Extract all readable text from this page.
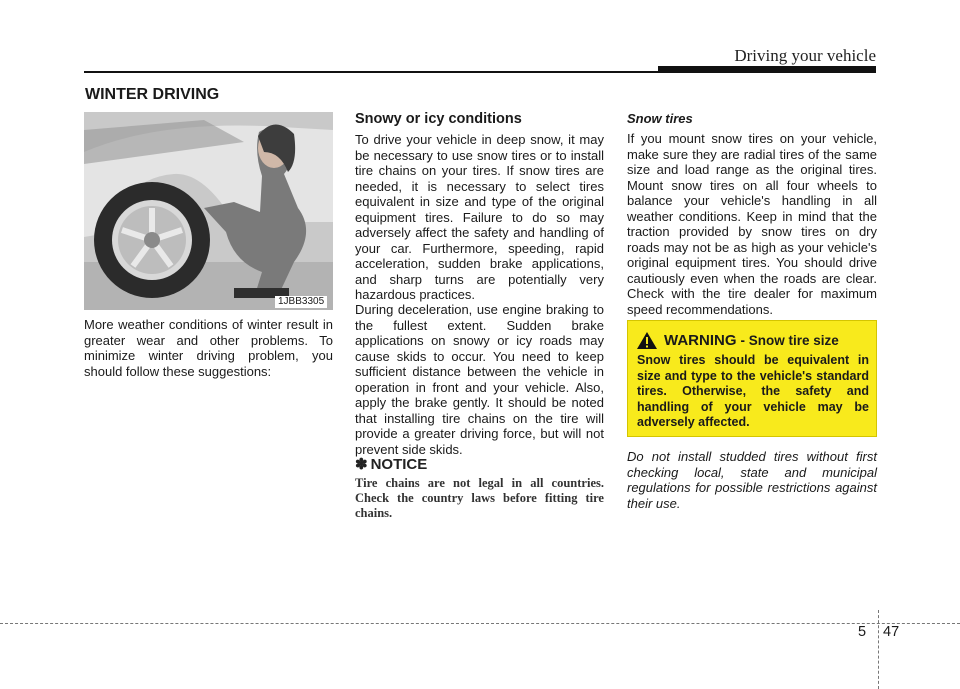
Driving your vehicle
WINTER DRIVING
1JBB3305

More weather conditions of winter result in greater wear and other problems. To minimize winter driving problem, you should follow these suggestions:

Snowy or icy conditions

To drive your vehicle in deep snow, it may be necessary to use snow tires or to install tire chains on your tires. If snow tires are needed, it is necessary to select tires equivalent in size and type of the original equipment tires. Failure to do so may adversely affect the safety and handling of your car. Furthermore, speeding, rapid acceleration, sudden brake applications, and sharp turns are potentially very hazardous practices.

During deceleration, use engine braking to the fullest extent. Sudden brake applications on snowy or icy roads may cause skids to occur. You need to keep sufficient distance between the vehicle in operation in front and your vehicle. Also, apply the brake gently. It should be noted that installing tire chains on the tire will provide a greater driving force, but will not prevent side skids.

✽ NOTICE
Tire chains are not legal in all countries. Check the country laws before fitting tire chains.
Snow tires

If you mount snow tires on your vehicle, make sure they are radial tires of the same size and load range as the original tires. Mount snow tires on all four wheels to balance your vehicle's handling in all weather conditions. Keep in mind that the traction provided by snow tires on dry roads may not be as high as your vehicle's original equipment tires. You should drive cautiously even when the roads are clear. Check with the tire dealer for maximum speed recommendations.

WARNING - Snow tire size
Snow tires should be equivalent in size and type to the vehicle's standard tires. Otherwise, the safety and handling of your vehicle may be adversely affected.

Do not install studded tires without first checking local, state and municipal regulations for possible restrictions against their use.

5 47
